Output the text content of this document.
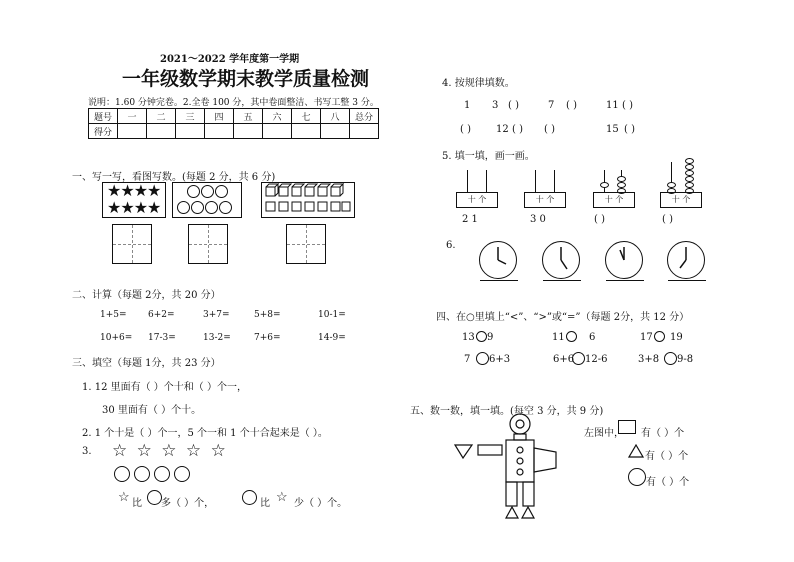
2021～2022 学年度第一学期
一年级数学期末教学质量检测
说明：1.60 分钟完卷。2.全卷 100 分，其中卷面整洁、书写工整 3 分。
题号	一	二	三	四	五	六	七	八	总分
得分									
一、写一写，看图写数。(每题 2 分，共 6 分)
★★★★
★★★★
二、计算（每题 2分，共 20 分）
1+5= 6+2=	3+7=	5+8=	10-1=
10+6= 17-3=	13-2=	7+6=	14-9=
三、填空（每题 1分，共 23 分）
1. 12 里面有（ ）个十和（ ）个一，
30 里面有（ ）个十。
2. 1 个十是（ ）个一，5 个一和 1 个十合起来是（ ）。
3. ☆ ☆ ☆ ☆ ☆
☆ 比 多（ ）个，	比 ☆ 少（ ）个。
4. 按规律填数。
1 3 ( )	7 ( )	11 ( )
( )	12 ( ) ( )	15 ( )
5. 填一填，画一画。
十 个
2 1
十 个
3 0
十 个
( )
十 个
( )
6.
四、在○里填上“<”、“>”或“=”（每题 2分，共 12 分）
13 9	11 6	17 19
7 6+3	6+6 12-6	3+8 9-8
五、数一数，填一填。(每空 3 分，共 9 分)
左图中， 有（ ）个
有（ ）个
有（ ）个
